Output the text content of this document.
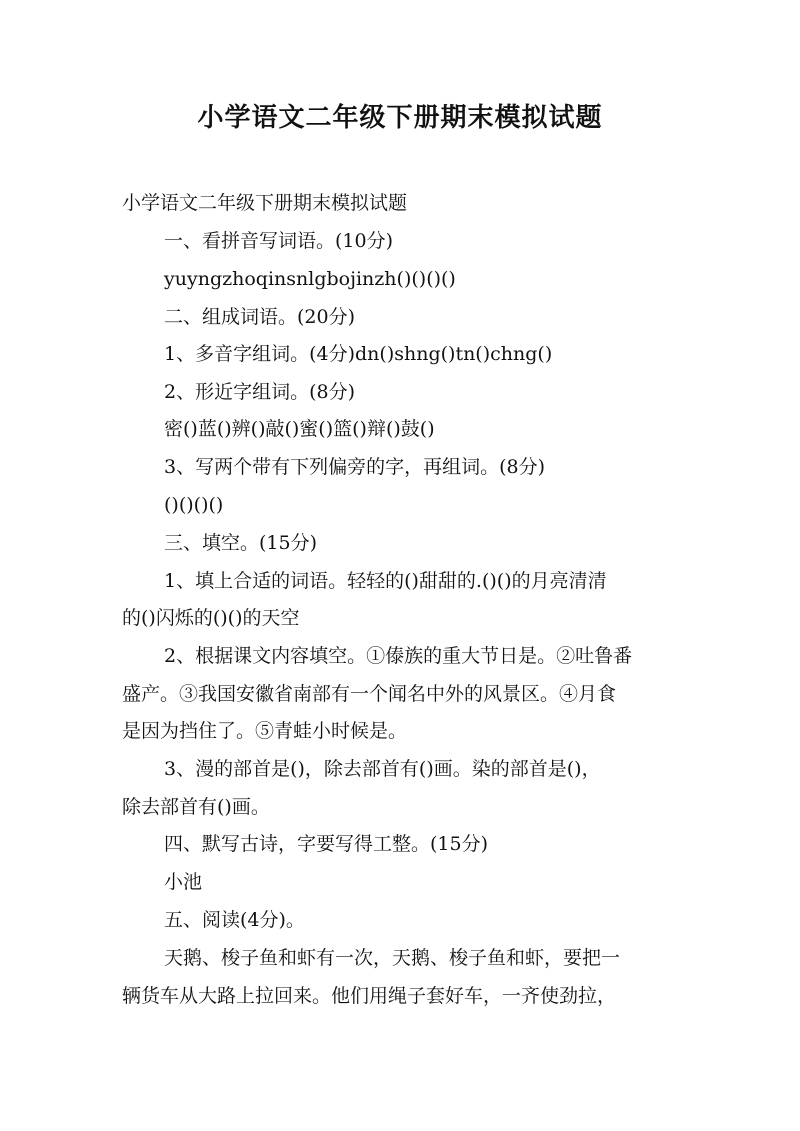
小学语文二年级下册期末模拟试题
小学语文二年级下册期末模拟试题
一、看拼音写词语。(10分)
yuyngzhoqinsnlgbojinzh()()()()
二、组成词语。(20分)
1、多音字组词。(4分)dn()shng()tn()chng()
2、形近字组词。(8分)
密()蓝()辨()敲()蜜()篮()辩()鼓()
3、写两个带有下列偏旁的字，再组词。(8分)
()()()()
三、填空。(15分)
1、填上合适的词语。轻轻的()甜甜的.()()的月亮清清
的()闪烁的()()的天空
2、根据课文内容填空。①傣族的重大节日是。②吐鲁番
盛产。③我国安徽省南部有一个闻名中外的风景区。④月食
是因为挡住了。⑤青蛙小时候是。
3、漫的部首是()，除去部首有()画。染的部首是()，
除去部首有()画。
四、默写古诗，字要写得工整。(15分)
小池
五、阅读(4分)。
天鹅、梭子鱼和虾有一次，天鹅、梭子鱼和虾，要把一
辆货车从大路上拉回来。他们用绳子套好车，一齐使劲拉，
